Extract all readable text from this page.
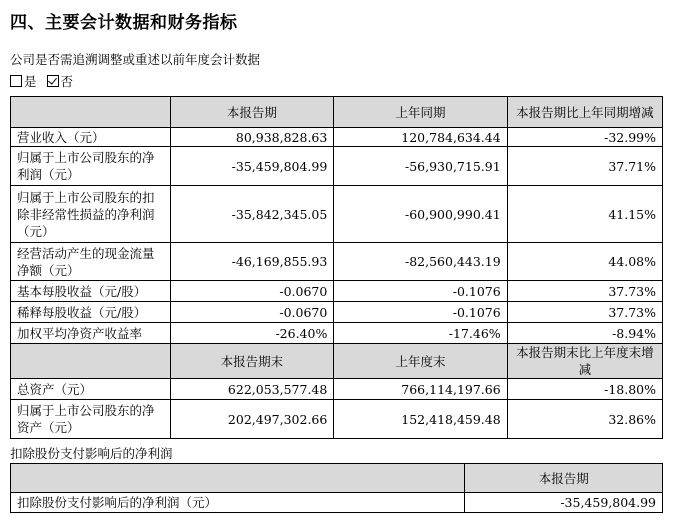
四、主要会计数据和财务指标
公司是否需追溯调整或重述以前年度会计数据
是 否
	本报告期	上年同期	本报告期比上年同期增减
营业收入（元）	80,938,828.63	120,784,634.44	-32.99%
归属于上市公司股东的净利润（元）	-35,459,804.99	-56,930,715.91	37.71%
归属于上市公司股东的扣除非经常性损益的净利润（元）	-35,842,345.05	-60,900,990.41	41.15%
经营活动产生的现金流量净额（元）	-46,169,855.93	-82,560,443.19	44.08%
基本每股收益（元/股）	-0.0670	-0.1076	37.73%
稀释每股收益（元/股）	-0.0670	-0.1076	37.73%
加权平均净资产收益率	-26.40%	-17.46%	-8.94%
	本报告期末	上年度末	本报告期末比上年度末增减
总资产（元）	622,053,577.48	766,114,197.66	-18.80%
归属于上市公司股东的净资产（元）	202,497,302.66	152,418,459.48	32.86%
扣除股份支付影响后的净利润
	本报告期
扣除股份支付影响后的净利润（元）	-35,459,804.99
